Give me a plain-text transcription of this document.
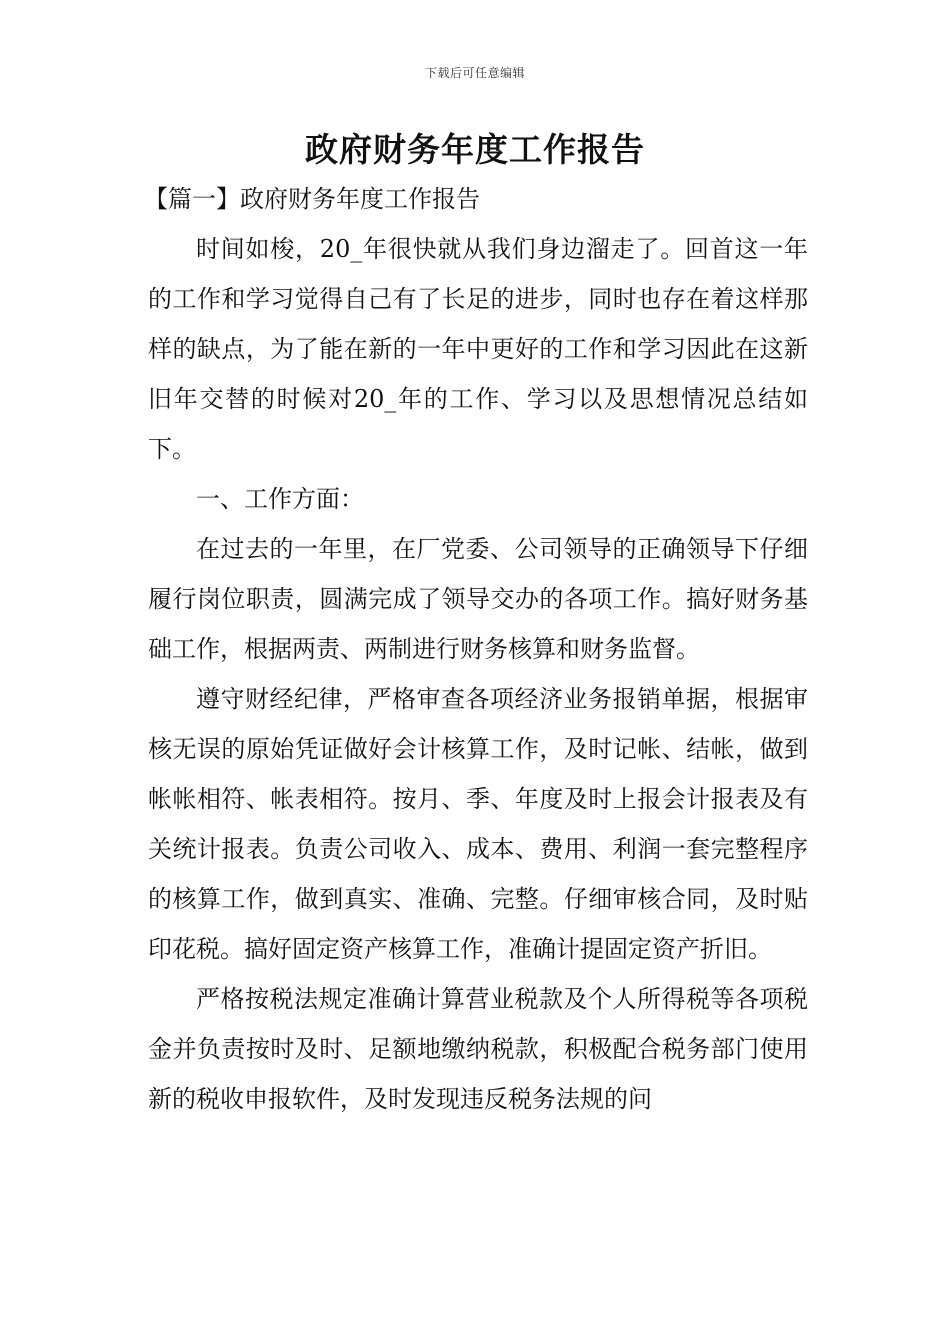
下载后可任意编辑
政府财务年度工作报告

【篇一】政府财务年度工作报告

时间如梭，20_年很快就从我们身边溜走了。回首这一年的工作和学习觉得自己有了长足的进步，同时也存在着这样那样的缺点，为了能在新的一年中更好的工作和学习因此在这新旧年交替的时候对20_年的工作、学习以及思想情况总结如下。

一、工作方面：

在过去的一年里，在厂党委、公司领导的正确领导下仔细履行岗位职责，圆满完成了领导交办的各项工作。搞好财务基础工作，根据两责、两制进行财务核算和财务监督。

遵守财经纪律，严格审查各项经济业务报销单据，根据审核无误的原始凭证做好会计核算工作，及时记帐、结帐，做到帐帐相符、帐表相符。按月、季、年度及时上报会计报表及有关统计报表。负责公司收入、成本、费用、利润一套完整程序的核算工作，做到真实、准确、完整。仔细审核合同，及时贴印花税。搞好固定资产核算工作，准确计提固定资产折旧。

严格按税法规定准确计算营业税款及个人所得税等各项税金并负责按时及时、足额地缴纳税款，积极配合税务部门使用新的税收申报软件，及时发现违反税务法规的问
